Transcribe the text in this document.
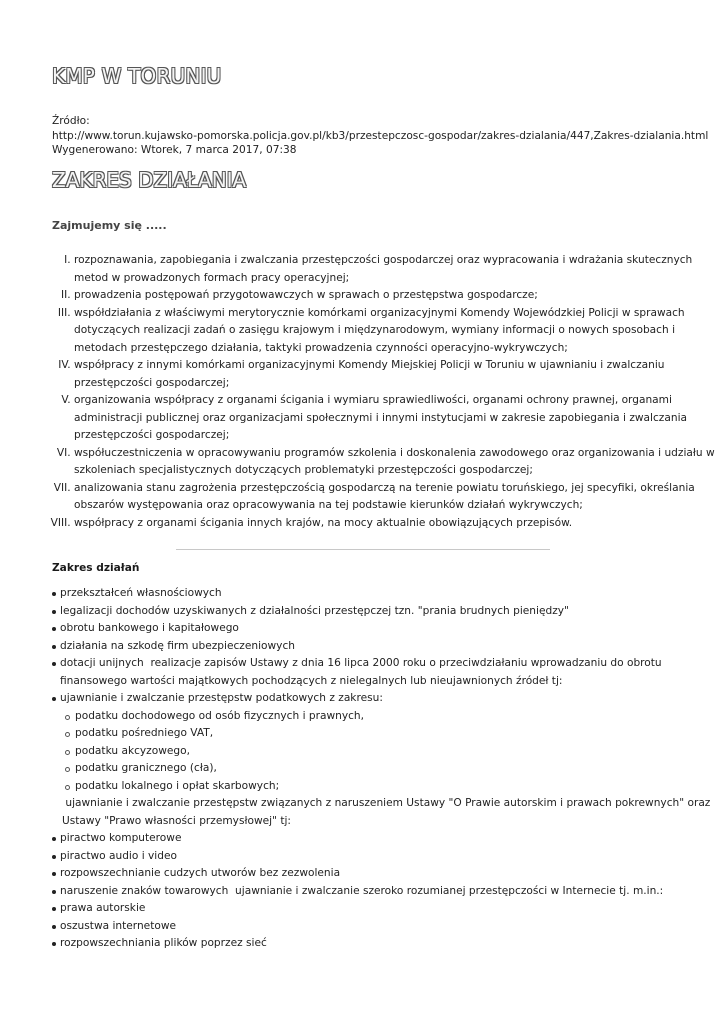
KMP W TORUNIU
Źródło:
http://www.torun.kujawsko-pomorska.policja.gov.pl/kb3/przestepczosc-gospodar/zakres-dzialania/447,Zakres-dzialania.html
Wygenerowano: Wtorek, 7 marca 2017, 07:38
ZAKRES DZIAŁANIA
Zajmujemy się .....
I. rozpoznawania, zapobiegania i zwalczania przestępczości gospodarczej oraz wypracowania i wdrażania skutecznych
metod w prowadzonych formach pracy operacyjnej;
II. prowadzenia postępowań przygotowawczych w sprawach o przestępstwa gospodarcze;
III. współdziałania z właściwymi merytorycznie komórkami organizacyjnymi Komendy Wojewódzkiej Policji w sprawach
dotyczących realizacji zadań o zasięgu krajowym i międzynarodowym, wymiany informacji o nowych sposobach i
metodach przestępczego działania, taktyki prowadzenia czynności operacyjno-wykrywczych;
IV. współpracy z innymi komórkami organizacyjnymi Komendy Miejskiej Policji w Toruniu w ujawnianiu i zwalczaniu
przestępczości gospodarczej;
V. organizowania współpracy z organami ścigania i wymiaru sprawiedliwości, organami ochrony prawnej, organami
administracji publicznej oraz organizacjami społecznymi i innymi instytucjami w zakresie zapobiegania i zwalczania
przestępczości gospodarczej;
VI. współuczestniczenia w opracowywaniu programów szkolenia i doskonalenia zawodowego oraz organizowania i udziału w
szkoleniach specjalistycznych dotyczących problematyki przestępczości gospodarczej;
VII. analizowania stanu zagrożenia przestępczością gospodarczą na terenie powiatu toruńskiego, jej specyfiki, określania
obszarów występowania oraz opracowywania na tej podstawie kierunków działań wykrywczych;
VIII. współpracy z organami ścigania innych krajów, na mocy aktualnie obowiązujących przepisów.
Zakres działań
przekształceń własnościowych
legalizacji dochodów uzyskiwanych z działalności przestępczej tzn. "prania brudnych pieniędzy"
obrotu bankowego i kapitałowego
działania na szkodę firm ubezpieczeniowych
dotacji unijnych  realizacje zapisów Ustawy z dnia 16 lipca 2000 roku o przeciwdziałaniu wprowadzaniu do obrotu
finansowego wartości majątkowych pochodzących z nielegalnych lub nieujawnionych źródeł tj:
ujawnianie i zwalczanie przestępstw podatkowych z zakresu:
podatku dochodowego od osób fizycznych i prawnych,
podatku pośredniego VAT,
podatku akcyzowego,
podatku granicznego (cła),
podatku lokalnego i opłat skarbowych;
ujawnianie i zwalczanie przestępstw związanych z naruszeniem Ustawy "O Prawie autorskim i prawach pokrewnych" oraz
Ustawy "Prawo własności przemysłowej" tj:
piractwo komputerowe
piractwo audio i video
rozpowszechnianie cudzych utworów bez zezwolenia
naruszenie znaków towarowych  ujawnianie i zwalczanie szeroko rozumianej przestępczości w Internecie tj. m.in.:
prawa autorskie
oszustwa internetowe
rozpowszechniania plików poprzez sieć
